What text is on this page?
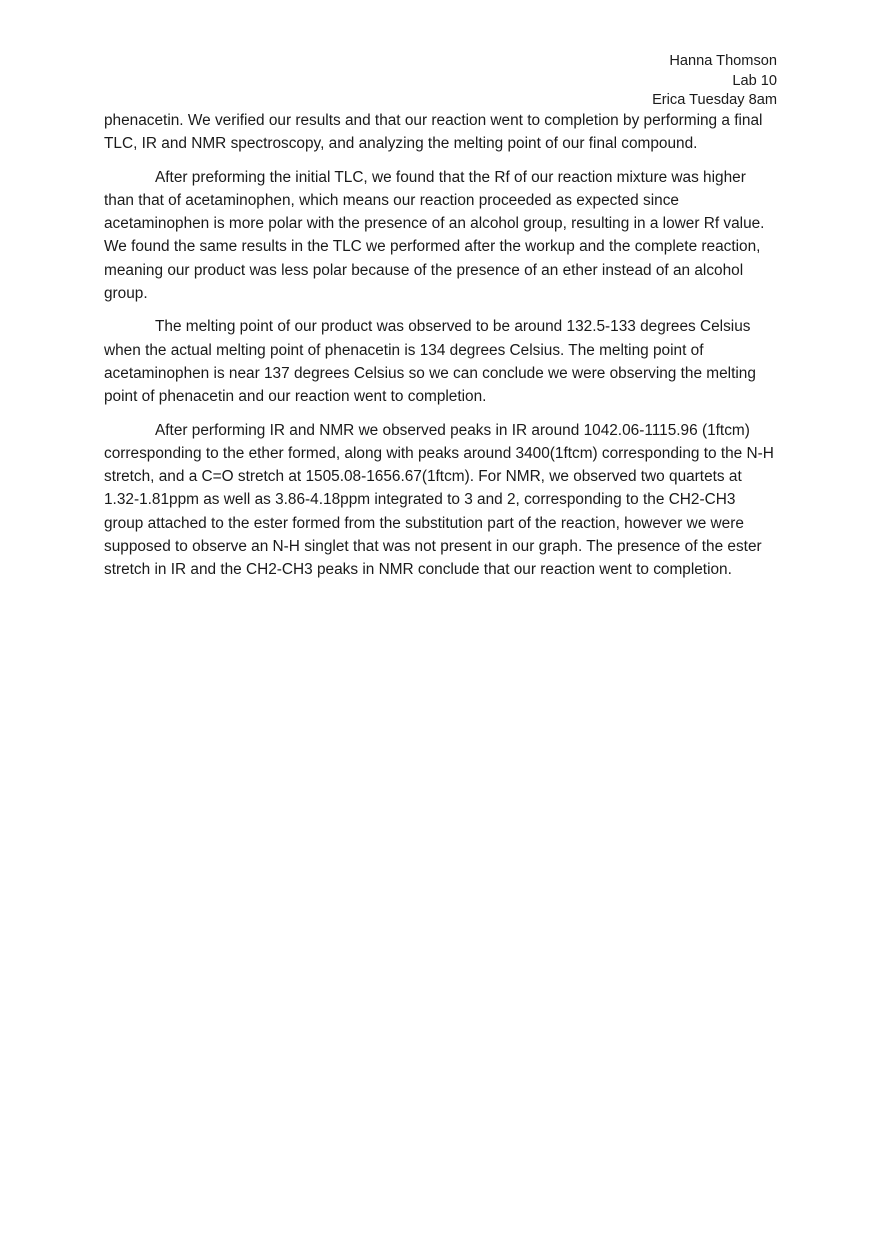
Hanna Thomson
Lab 10
Erica Tuesday 8am

phenacetin. We verified our results and that our reaction went to completion by performing a final TLC, IR and NMR spectroscopy, and analyzing the melting point of our final compound.

After preforming the initial TLC, we found that the Rf of our reaction mixture was higher than that of acetaminophen, which means our reaction proceeded as expected since acetaminophen is more polar with the presence of an alcohol group, resulting in a lower Rf value. We found the same results in the TLC we performed after the workup and the complete reaction, meaning our product was less polar because of the presence of an ether instead of an alcohol group.

The melting point of our product was observed to be around 132.5-133 degrees Celsius when the actual melting point of phenacetin is 134 degrees Celsius. The melting point of acetaminophen is near 137 degrees Celsius so we can conclude we were observing the melting point of phenacetin and our reaction went to completion.

After performing IR and NMR we observed peaks in IR around 1042.06-1115.96 (1ftcm) corresponding to the ether formed, along with peaks around 3400(1ftcm) corresponding to the N-H stretch, and a C=O stretch at 1505.08-1656.67(1ftcm). For NMR, we observed two quartets at 1.32-1.81ppm as well as 3.86-4.18ppm integrated to 3 and 2, corresponding to the CH2-CH3 group attached to the ester formed from the substitution part of the reaction, however we were supposed to observe an N-H singlet that was not present in our graph. The presence of the ester stretch in IR and the CH2-CH3 peaks in NMR conclude that our reaction went to completion.
